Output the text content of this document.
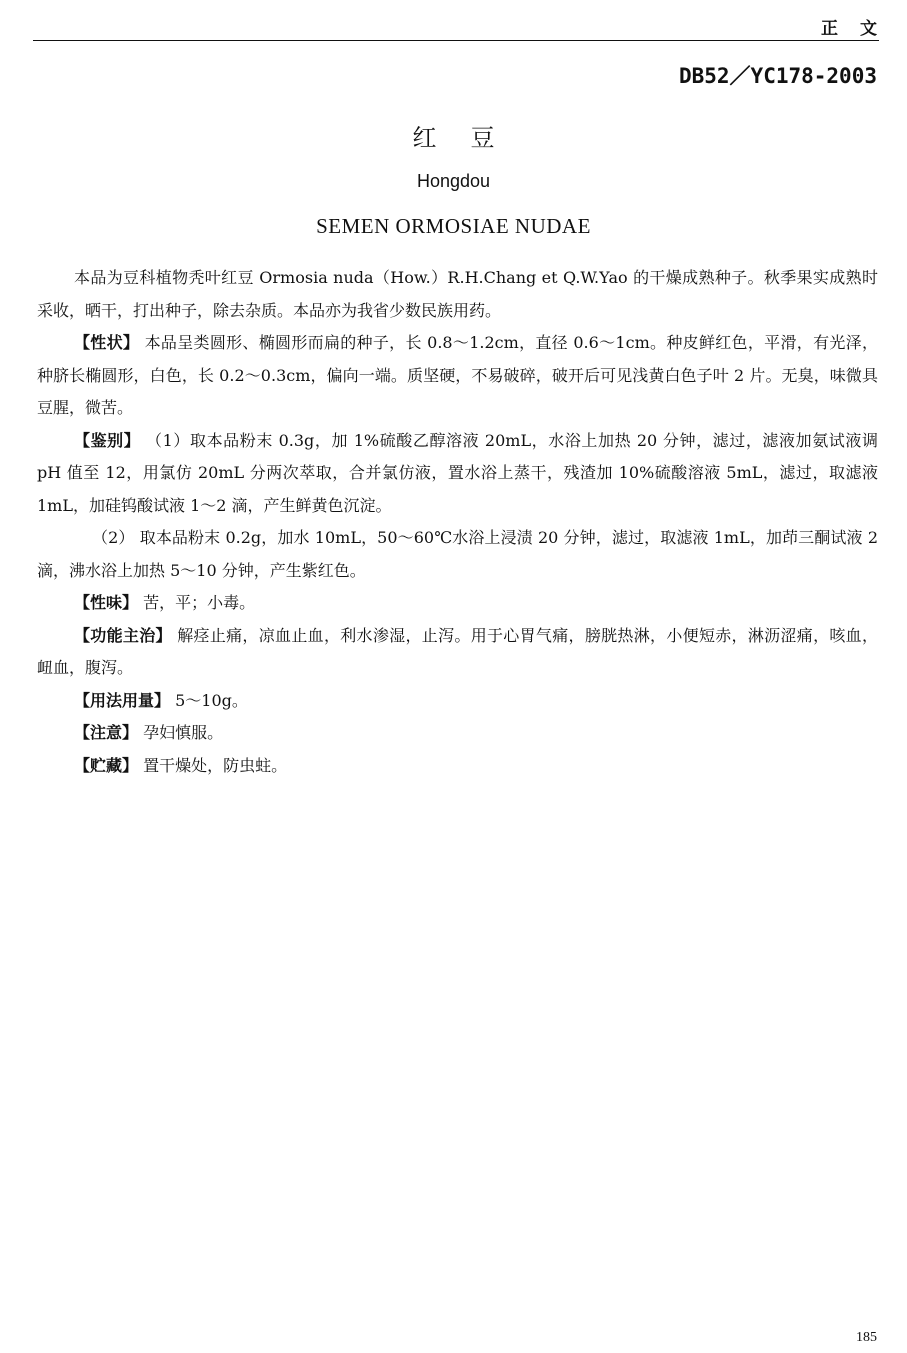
正文
DB52／YC178-2003
红豆
Hongdou
SEMEN ORMOSIAE NUDAE

本品为豆科植物秃叶红豆 Ormosia nuda（How.）R.H.Chang et Q.W.Yao 的干燥成熟种子。秋季果实成熟时采收，晒干，打出种子，除去杂质。本品亦为我省少数民族用药。

【性状】 本品呈类圆形、椭圆形而扁的种子，长 0.8～1.2cm，直径 0.6～1cm。种皮鲜红色，平滑，有光泽，种脐长椭圆形，白色，长 0.2～0.3cm，偏向一端。质坚硬，不易破碎，破开后可见浅黄白色子叶 2 片。无臭，味微具豆腥，微苦。

【鉴别】 （1）取本品粉末 0.3g，加 1%硫酸乙醇溶液 20mL，水浴上加热 20 分钟，滤过，滤液加氨试液调 pH 值至 12，用氯仿 20mL 分两次萃取，合并氯仿液，置水浴上蒸干，残渣加 10%硫酸溶液 5mL，滤过，取滤液 1mL，加硅钨酸试液 1～2 滴，产生鲜黄色沉淀。

（2） 取本品粉末 0.2g，加水 10mL，50～60℃水浴上浸渍 20 分钟，滤过，取滤液 1mL，加茚三酮试液 2 滴，沸水浴上加热 5～10 分钟，产生紫红色。

【性味】 苦，平；小毒。

【功能主治】 解痉止痛，凉血止血，利水渗湿，止泻。用于心胃气痛，膀胱热淋，小便短赤，淋沥涩痛，咳血，衄血，腹泻。

【用法用量】 5～10g。

【注意】 孕妇慎服。

【贮藏】 置干燥处，防虫蛀。

185
